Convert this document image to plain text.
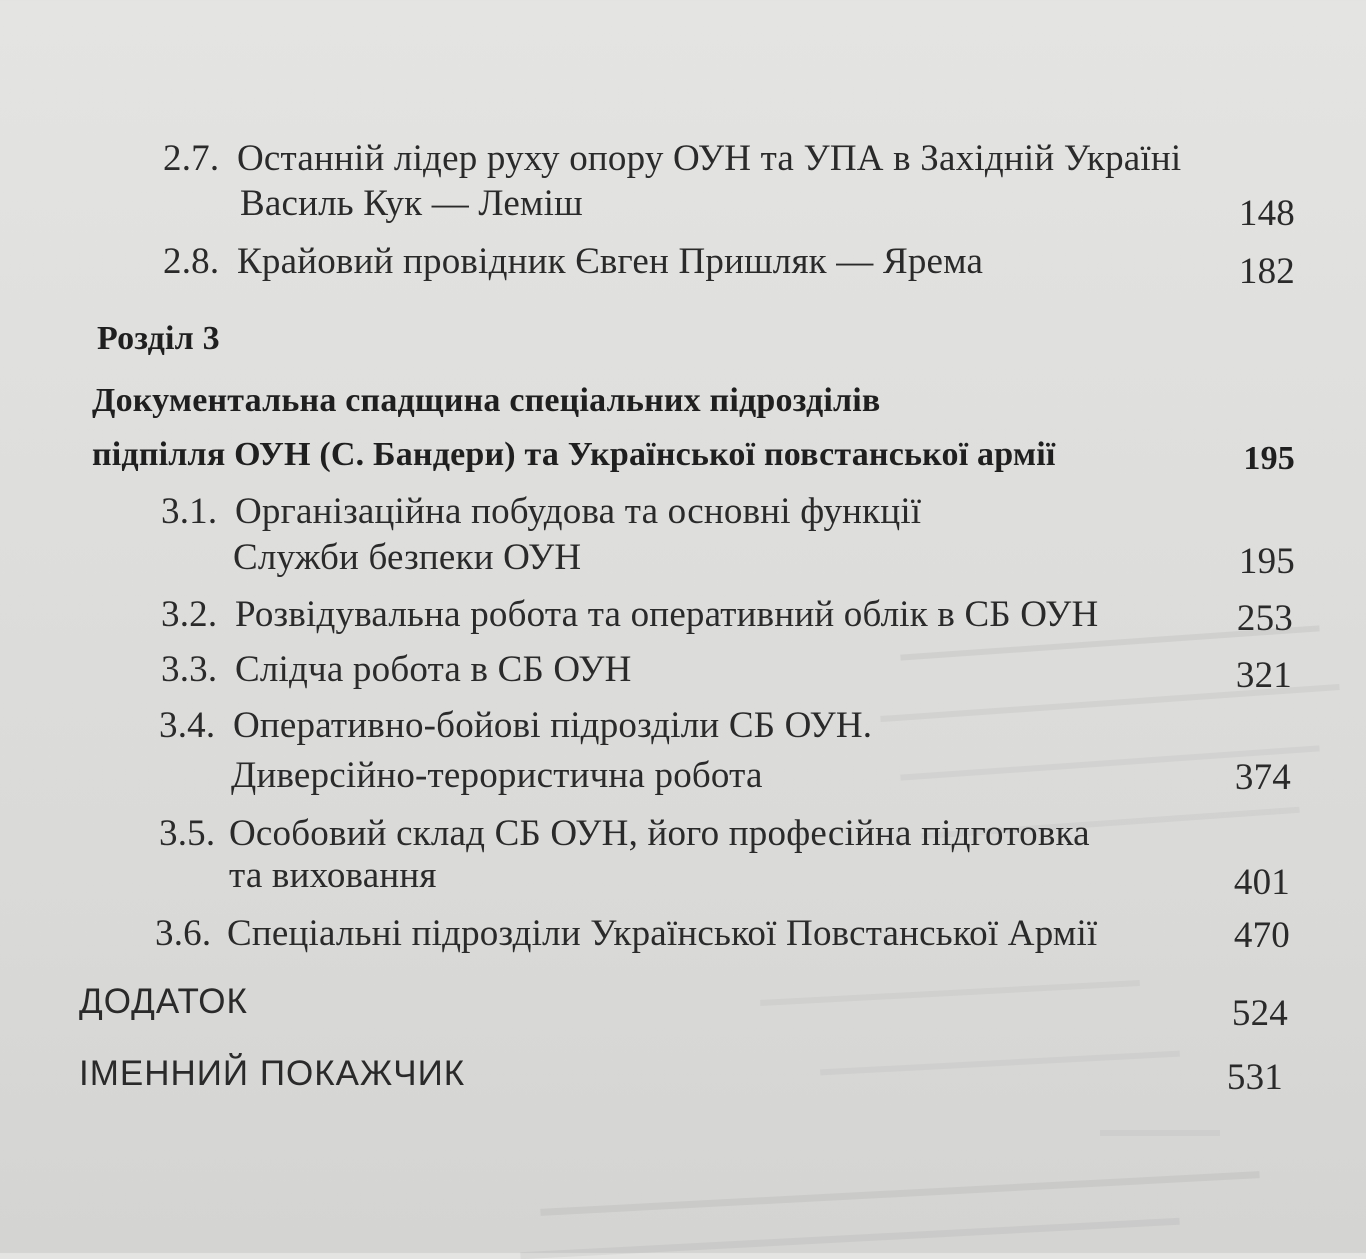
2.7. Останній лідер руху опору ОУН та УПА в Західній Україні
Василь Кук — Леміш	148
2.8. Крайовий провідник Євген Пришляк — Ярема	182
Розділ 3
Документальна спадщина спеціальних підрозділів
підпілля ОУН (С. Бандери) та Української повстанської армії	195
3.1. Організаційна побудова та основні функції
Служби безпеки ОУН	195
3.2. Розвідувальна робота та оперативний облік в СБ ОУН	253
3.3. Слідча робота в СБ ОУН	321
3.4. Оперативно-бойові підрозділи СБ ОУН.
Диверсійно-терористична робота	374
3.5. Особовий склад СБ ОУН, його професійна підготовка
та виховання	401
3.6. Спеціальні підрозділи Української Повстанської Армії	470
ДОДАТОК	524
ІМЕННИЙ ПОКАЖЧИК	531
